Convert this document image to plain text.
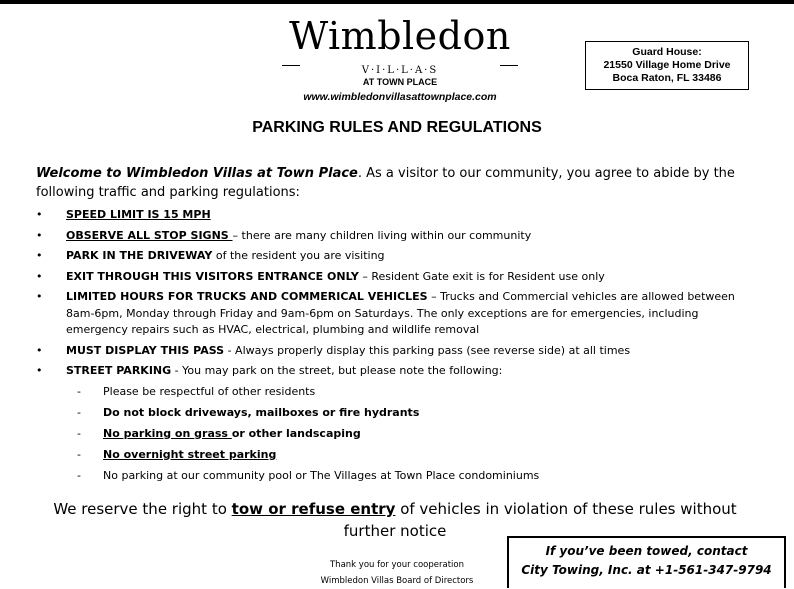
Wimbledon
V·I·L·L·A·S
AT TOWN PLACE
www.wimbledonvillasattownplace.com
Guard House:
21550 Village Home Drive
Boca Raton, FL 33486
PARKING RULES AND REGULATIONS
Welcome to Wimbledon Villas at Town Place. As a visitor to our community, you agree to abide by the following traffic and parking regulations:
• SPEED LIMIT IS 15 MPH
• OBSERVE ALL STOP SIGNS – there are many children living within our community
• PARK IN THE DRIVEWAY of the resident you are visiting
• EXIT THROUGH THIS VISITORS ENTRANCE ONLY – Resident Gate exit is for Resident use only
• LIMITED HOURS FOR TRUCKS AND COMMERICAL VEHICLES – Trucks and Commercial vehicles are allowed between 8am-6pm, Monday through Friday and 9am-6pm on Saturdays. The only exceptions are for emergencies, including emergency repairs such as HVAC, electrical, plumbing and wildlife removal
• MUST DISPLAY THIS PASS - Always properly display this parking pass (see reverse side) at all times
• STREET PARKING - You may park on the street, but please note the following:
- Please be respectful of other residents
- Do not block driveways, mailboxes or fire hydrants
- No parking on grass or other landscaping
- No overnight street parking
- No parking at our community pool or The Villages at Town Place condominiums
We reserve the right to tow or refuse entry of vehicles in violation of these rules without further notice
Thank you for your cooperation
Wimbledon Villas Board of Directors
If you’ve been towed, contact
City Towing, Inc. at +1-561-347-9794
